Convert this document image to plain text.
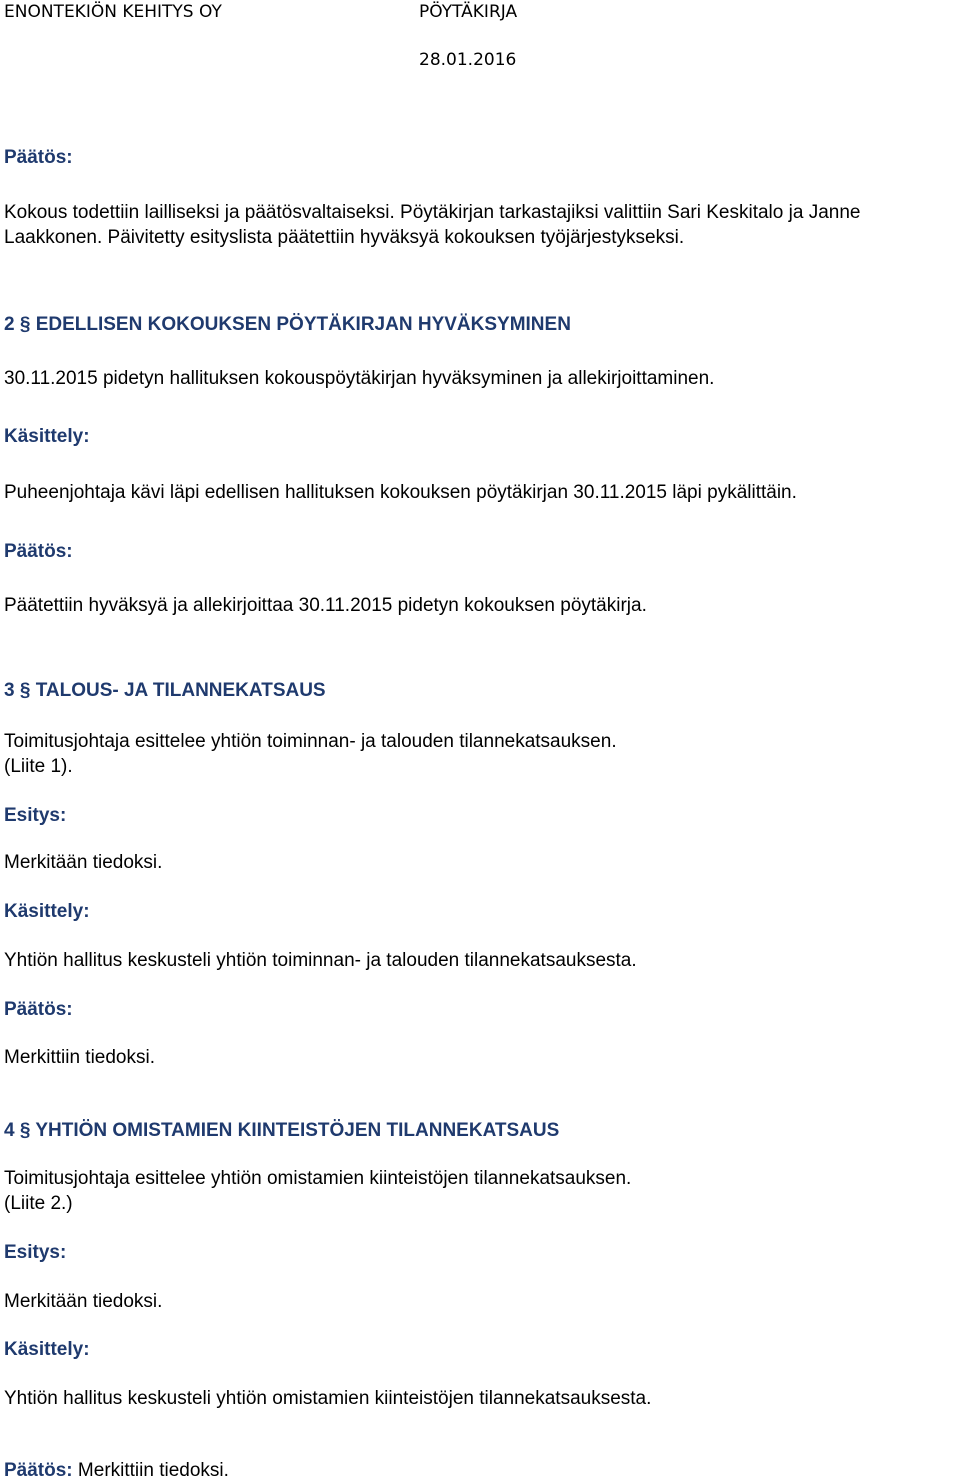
ENONTEKIÖN KEHITYS OY	PÖYTÄKIRJA
28.01.2016
Päätös:
Kokous todettiin lailliseksi ja päätösvaltaiseksi. Pöytäkirjan tarkastajiksi valittiin Sari Keskitalo ja Janne
Laakkonen. Päivitetty esityslista päätettiin hyväksyä kokouksen työjärjestykseksi.
2 § EDELLISEN KOKOUKSEN PÖYTÄKIRJAN HYVÄKSYMINEN
30.11.2015 pidetyn hallituksen kokouspöytäkirjan hyväksyminen ja allekirjoittaminen.
Käsittely:
Puheenjohtaja kävi läpi edellisen hallituksen kokouksen pöytäkirjan 30.11.2015 läpi pykälittäin.
Päätös:
Päätettiin hyväksyä ja allekirjoittaa 30.11.2015 pidetyn kokouksen pöytäkirja.
3 § TALOUS- JA TILANNEKATSAUS
Toimitusjohtaja esittelee yhtiön toiminnan- ja talouden tilannekatsauksen.
(Liite 1).
Esitys:
Merkitään tiedoksi.
Käsittely:
Yhtiön hallitus keskusteli yhtiön toiminnan- ja talouden tilannekatsauksesta.
Päätös:
Merkittiin tiedoksi.
4 § YHTIÖN OMISTAMIEN KIINTEISTÖJEN TILANNEKATSAUS
Toimitusjohtaja esittelee yhtiön omistamien kiinteistöjen tilannekatsauksen.
(Liite 2.)
Esitys:
Merkitään tiedoksi.
Käsittely:
Yhtiön hallitus keskusteli yhtiön omistamien kiinteistöjen tilannekatsauksesta.
Päätös: Merkittiin tiedoksi.
